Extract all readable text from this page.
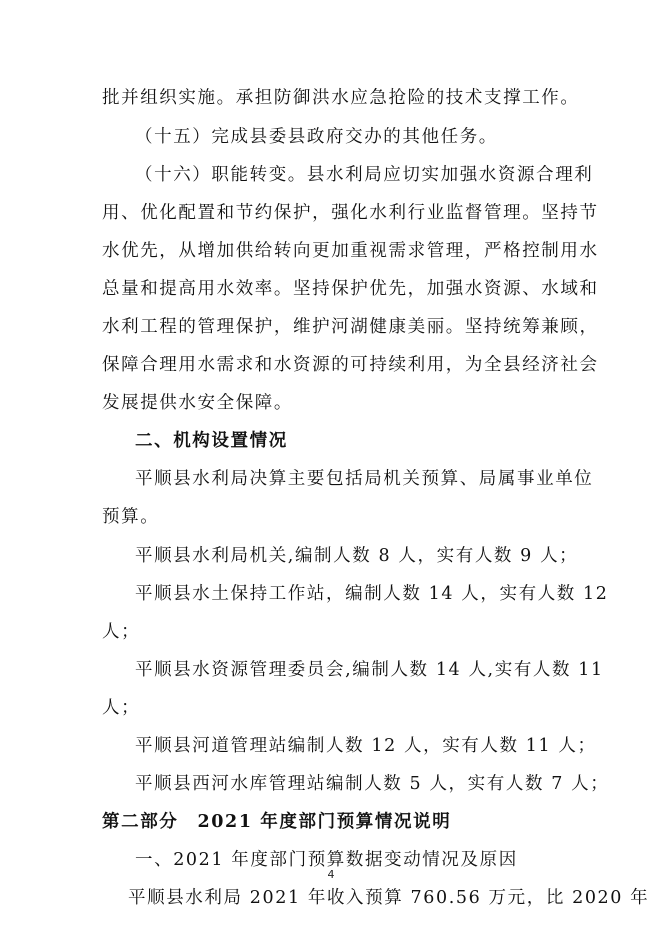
批并组织实施。承担防御洪水应急抢险的技术支撑工作。
（十五）完成县委县政府交办的其他任务。
（十六）职能转变。县水利局应切实加强水资源合理利
用、优化配置和节约保护，强化水利行业监督管理。坚持节
水优先，从增加供给转向更加重视需求管理，严格控制用水
总量和提高用水效率。坚持保护优先，加强水资源、水域和
水利工程的管理保护，维护河湖健康美丽。坚持统筹兼顾，
保障合理用水需求和水资源的可持续利用，为全县经济社会
发展提供水安全保障。
二、机构设置情况
平顺县水利局决算主要包括局机关预算、局属事业单位
预算。
平顺县水利局机关,编制人数 8 人，实有人数 9 人；
平顺县水土保持工作站，编制人数 14 人，实有人数 12
人；
平顺县水资源管理委员会,编制人数 14 人,实有人数 11
人；
平顺县河道管理站编制人数 12 人，实有人数 11 人；
平顺县西河水库管理站编制人数 5 人，实有人数 7 人；
第二部分　2021 年度部门预算情况说明
一、2021 年度部门预算数据变动情况及原因
平顺县水利局 2021 年收入预算 760.56 万元，比 2020 年
4
